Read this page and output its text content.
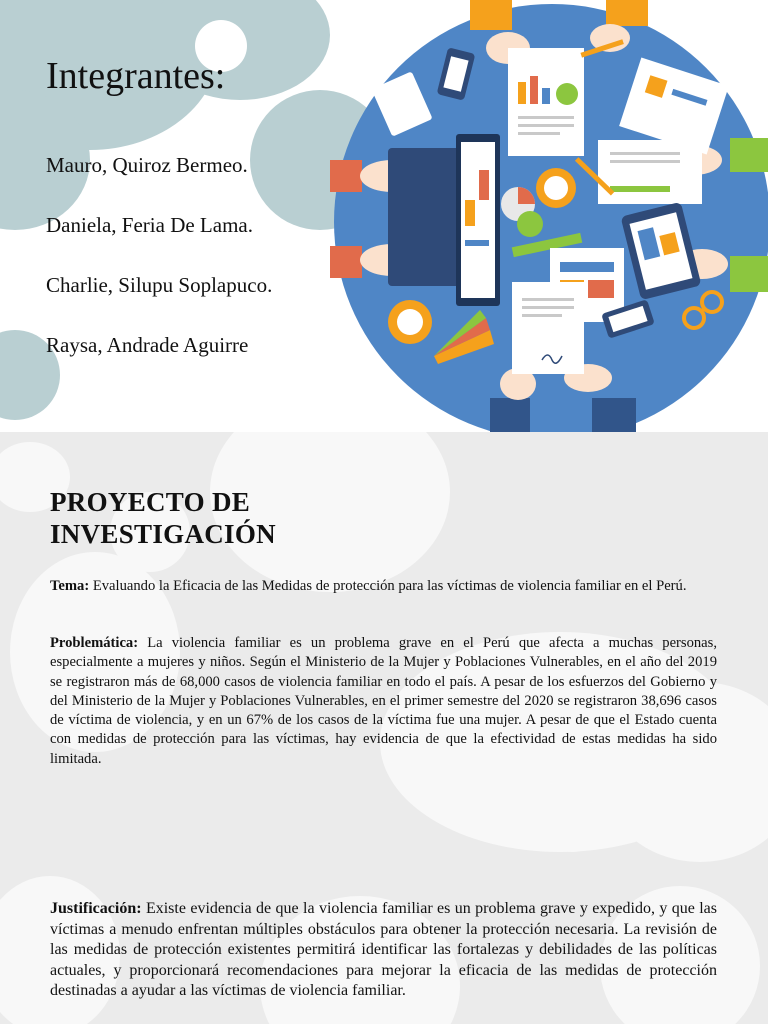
Integrantes:
Mauro, Quiroz Bermeo.
Daniela, Feria De Lama.
Charlie, Silupu Soplapuco.
Raysa, Andrade Aguirre
PROYECTO DE INVESTIGACIÓN

Tema: Evaluando la Eficacia de las Medidas de protección para las víctimas de violencia familiar en el Perú.

Problemática: La violencia familiar es un problema grave en el Perú que afecta a muchas personas, especialmente a mujeres y niños. Según el Ministerio de la Mujer y Poblaciones Vulnerables, en el año del 2019 se registraron más de 68,000 casos de violencia familiar en todo el país. A pesar de los esfuerzos del Gobierno y del Ministerio de la Mujer y Poblaciones Vulnerables, en el primer semestre del 2020 se registraron 38,696 casos de víctima de violencia, y en un 67% de los casos de la víctima fue una mujer. A pesar de que el Estado cuenta con medidas de protección para las víctimas, hay evidencia de que la efectividad de estas medidas ha sido limitada.

Justificación: Existe evidencia de que la violencia familiar es un problema grave y expedido, y que las víctimas a menudo enfrentan múltiples obstáculos para obtener la protección necesaria. La revisión de las medidas de protección existentes permitirá identificar las fortalezas y debilidades de las políticas actuales, y proporcionará recomendaciones para mejorar la eficacia de las medidas de protección destinadas a ayudar a las víctimas de violencia familiar.
